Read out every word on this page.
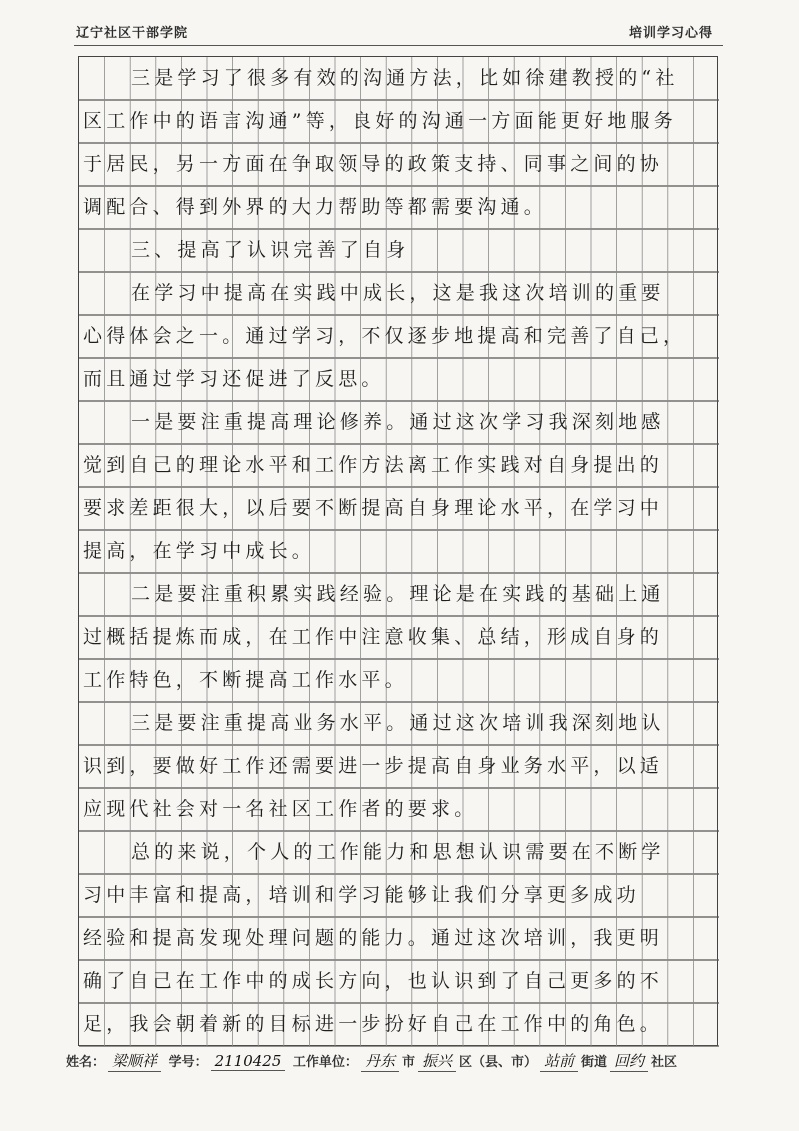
辽宁社区干部学院	培训学习心得
三是学习了很多有效的沟通方法，比如徐建教授的“社
区工作中的语言沟通”等，良好的沟通一方面能更好地服务
于居民，另一方面在争取领导的政策支持、同事之间的协
调配合、得到外界的大力帮助等都需要沟通。
三、提高了认识完善了自身
在学习中提高在实践中成长，这是我这次培训的重要
心得体会之一。通过学习，不仅逐步地提高和完善了自己，
而且通过学习还促进了反思。
一是要注重提高理论修养。通过这次学习我深刻地感
觉到自己的理论水平和工作方法离工作实践对自身提出的
要求差距很大，以后要不断提高自身理论水平，在学习中
提高，在学习中成长。
二是要注重积累实践经验。理论是在实践的基础上通
过概括提炼而成，在工作中注意收集、总结，形成自身的
工作特色，不断提高工作水平。
三是要注重提高业务水平。通过这次培训我深刻地认
识到，要做好工作还需要进一步提高自身业务水平，以适
应现代社会对一名社区工作者的要求。
总的来说，个人的工作能力和思想认识需要在不断学
习中丰富和提高，培训和学习能够让我们分享更多成功
经验和提高发现处理问题的能力。通过这次培训，我更明
确了自己在工作中的成长方向，也认识到了自己更多的不
足，我会朝着新的目标进一步扮好自己在工作中的角色。
姓名： 梁顺祥 学号： 2110425 工作单位： 丹东 市 振兴 区（县、市） 站前 街道 回约 社区
